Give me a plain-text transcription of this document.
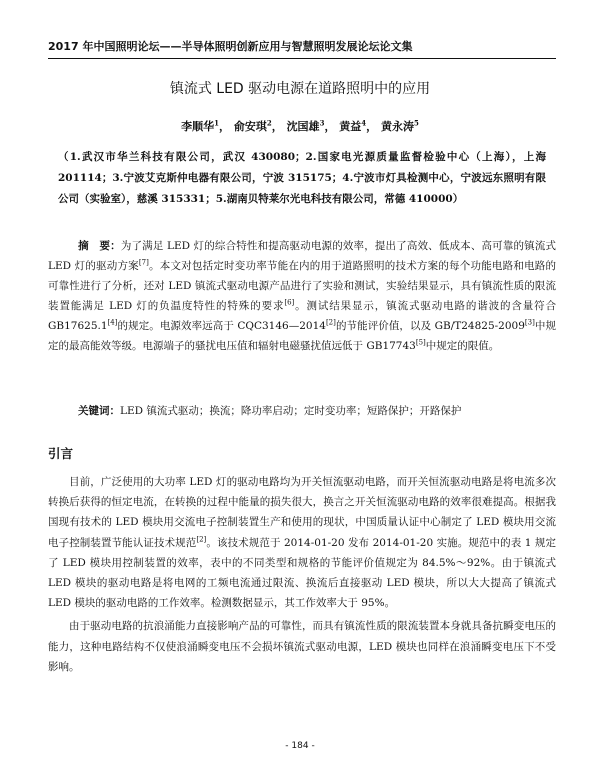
2017 年中国照明论坛——半导体照明创新应用与智慧照明发展论坛论文集
镇流式 LED 驱动电源在道路照明中的应用
李顺华$^1$， 俞安琪$^2$， 沈国雄$^3$， 黄益$^4$， 黄永涛$^5$
（1.武汉市华兰科技有限公司，武汉 430080；2.国家电光源质量监督检验中心（上海），上海 201114；3.宁波艾克斯仲电器有限公司，宁波 315175；4.宁波市灯具检测中心，宁波远东照明有限公司（实验室），慈溪 315331；5.湖南贝特莱尔光电科技有限公司，常德 410000）
摘　要：为了满足 LED 灯的综合特性和提高驱动电源的效率，提出了高效、低成本、高可靠的镇流式 LED 灯的驱动方案[7]。本文对包括定时变功率节能在内的用于道路照明的技术方案的每个功能电路和电路的可靠性进行了分析，还对 LED 镇流式驱动电源产品进行了实验和测试，实验结果显示，具有镇流性质的限流装置能满足 LED 灯的负温度特性的特殊的要求[6]。测试结果显示，镇流式驱动电路的谐波的含量符合 GB17625.1[4]的规定。电源效率远高于 CQC3146—2014[2]的节能评价值，以及 GB/T24825-2009[3]中规定的最高能效等级。电源端子的骚扰电压值和辐射电磁骚扰值远低于 GB17743[5]中规定的限值。
关键词：LED 镇流式驱动；换流；降功率启动；定时变功率；短路保护；开路保护
引言

目前，广泛使用的大功率 LED 灯的驱动电路均为开关恒流驱动电路，而开关恒流驱动电路是将电流多次转换后获得的恒定电流，在转换的过程中能量的损失很大，换言之开关恒流驱动电路的效率很难提高。根据我国现有技术的 LED 模块用交流电子控制装置生产和使用的现状，中国质量认证中心制定了 LED 模块用交流电子控制装置节能认证技术规范[2]。该技术规范于 2014-01-20 发布 2014-01-20 实施。规范中的表 1 规定了 LED 模块用控制装置的效率，表中的不同类型和规格的节能评价值规定为 84.5%～92%。由于镇流式 LED 模块的驱动电路是将电网的工频电流通过限流、换流后直接驱动 LED 模块，所以大大提高了镇流式 LED 模块的驱动电路的工作效率。检测数据显示，其工作效率大于 95%。

由于驱动电路的抗浪涌能力直接影响产品的可靠性，而具有镇流性质的限流装置本身就具备抗瞬变电压的能力，这种电路结构不仅使浪涌瞬变电压不会损坏镇流式驱动电源，LED 模块也同样在浪涌瞬变电压下不受影响。

- 184 -
